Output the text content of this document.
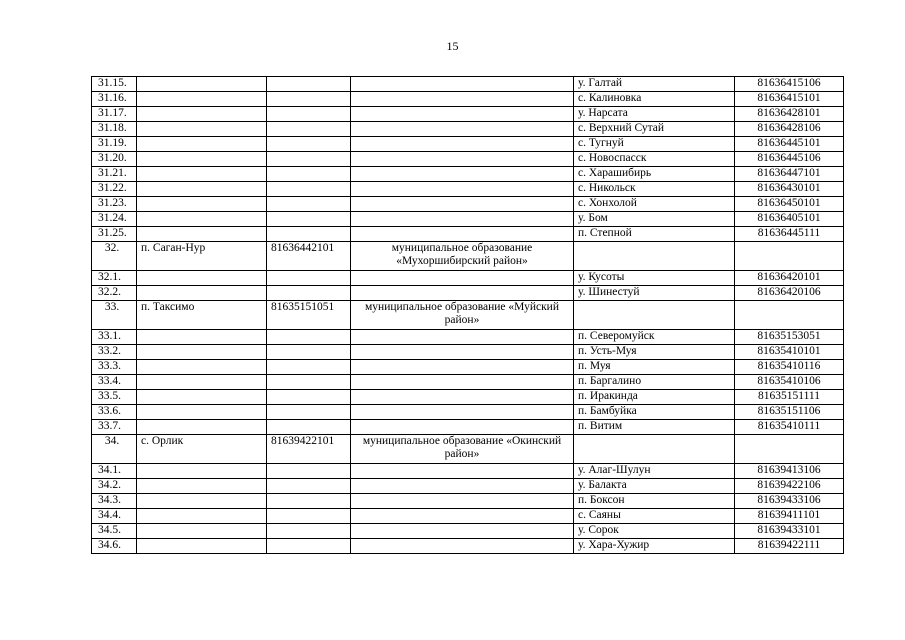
15
31.15.				у. Галтай	81636415106
31.16.				с. Калиновка	81636415101
31.17.				у. Нарсата	81636428101
31.18.				с. Верхний Сутай	81636428106
31.19.				с. Тугнуй	81636445101
31.20.				с. Новоспасск	81636445106
31.21.				с. Харашибирь	81636447101
31.22.				с. Никольск	81636430101
31.23.				с. Хонхолой	81636450101
31.24.				у. Бом	81636405101
31.25.				п. Степной	81636445111
32.	п. Саган-Нур	81636442101	муниципальное образование «Мухоршибирский район»		
32.1.				у. Кусоты	81636420101
32.2.				у. Шинестуй	81636420106
33.	п. Таксимо	81635151051	муниципальное образование «Муйский район»		
33.1.				п. Северомуйск	81635153051
33.2.				п. Усть-Муя	81635410101
33.3.				п. Муя	81635410116
33.4.				п. Баргалино	81635410106
33.5.				п. Иракинда	81635151111
33.6.				п. Бамбуйка	81635151106
33.7.				п. Витим	81635410111
34.	с. Орлик	81639422101	муниципальное образование «Окинский район»		
34.1.				у. Алаг-Шулун	81639413106
34.2.				у. Балакта	81639422106
34.3.				п. Боксон	81639433106
34.4.				с. Саяны	81639411101
34.5.				у. Сорок	81639433101
34.6.				у. Хара-Хужир	81639422111
